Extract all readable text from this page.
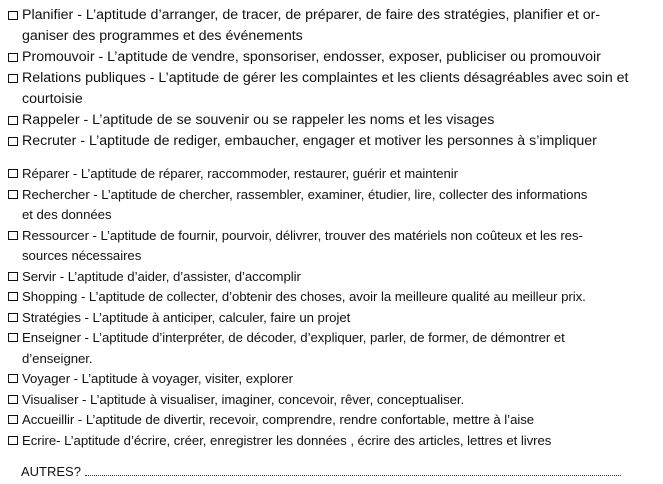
Planifier - L’aptitude d’arranger, de tracer, de préparer, de faire des stratégies, planifier et or-
ganiser des programmes et des événements
Promouvoir - L’aptitude de vendre, sponsoriser, endosser, exposer, publiciser ou promouvoir
Relations publiques - L’aptitude de gérer les complaintes et les clients désagréables avec soin et
courtoisie
Rappeler - L’aptitude de se souvenir ou se rappeler les noms et les visages
Recruter - L’aptitude de rediger, embaucher, engager et motiver les personnes à s’impliquer
Réparer - L’aptitude de réparer, raccommoder, restaurer, guérir et maintenir
Rechercher - L’aptitude de chercher, rassembler, examiner, étudier, lire, collecter des informations
et des données
Ressourcer - L’aptitude de fournir, pourvoir, délivrer, trouver des matériels non coûteux et les res-
sources nécessaires
Servir - L’aptitude d’aider, d’assister, d’accomplir
Shopping - L’aptitude de collecter, d’obtenir des choses, avoir la meilleure qualité au meilleur prix.
Stratégies - L’aptitude à anticiper, calculer, faire un projet
Enseigner - L’aptitude d’interpréter, de décoder, d’expliquer, parler, de former, de démontrer et
d’enseigner.
Voyager - L’aptitude à voyager, visiter, explorer
Visualiser - L’aptitude à visualiser, imaginer, concevoir, rêver, conceptualiser.
Accueillir - L’aptitude de divertir, recevoir, comprendre, rendre confortable, mettre à l’aise
Ecrire- L’aptitude d’écrire, créer, enregistrer les données , écrire des articles, lettres et livres
AUTRES?
